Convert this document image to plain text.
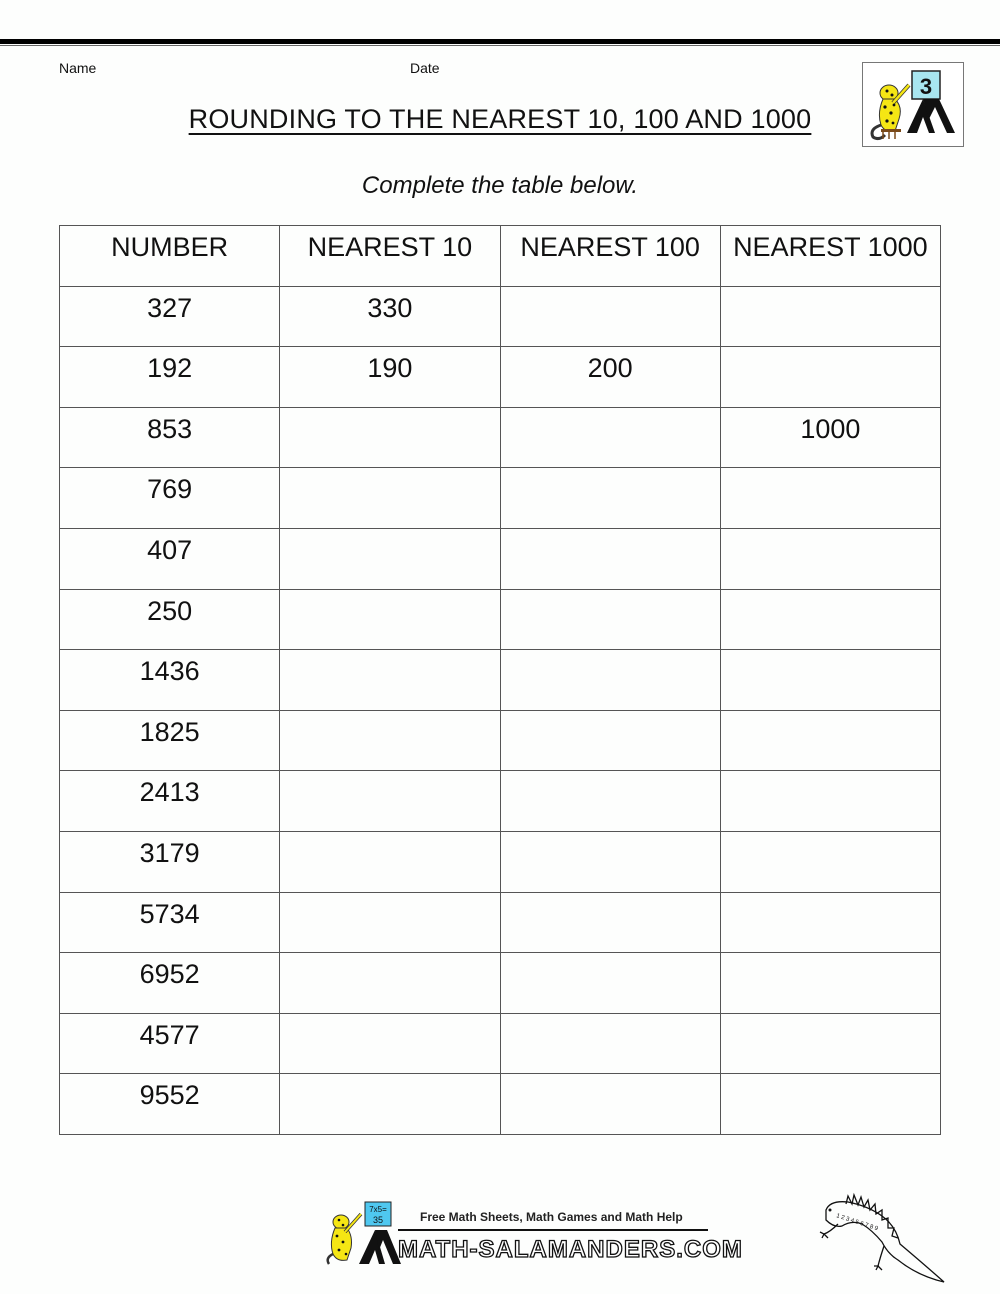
Name	Date
ROUNDING TO THE NEAREST 10, 100 AND 1000
Complete the table below.
3
NUMBER	NEAREST 10	NEAREST 100	NEAREST 1000

327	330		

192	190	200	

853			1000

769			

407			

250			

1436			

1825			

2413			

3179			

5734			

6952			

4577			

9552			

7x5=
35	Free Math Sheets, Math Games and Math Help
MATH-SALAMANDERS.COM
1 2 3 4 5 6 7 8 9
